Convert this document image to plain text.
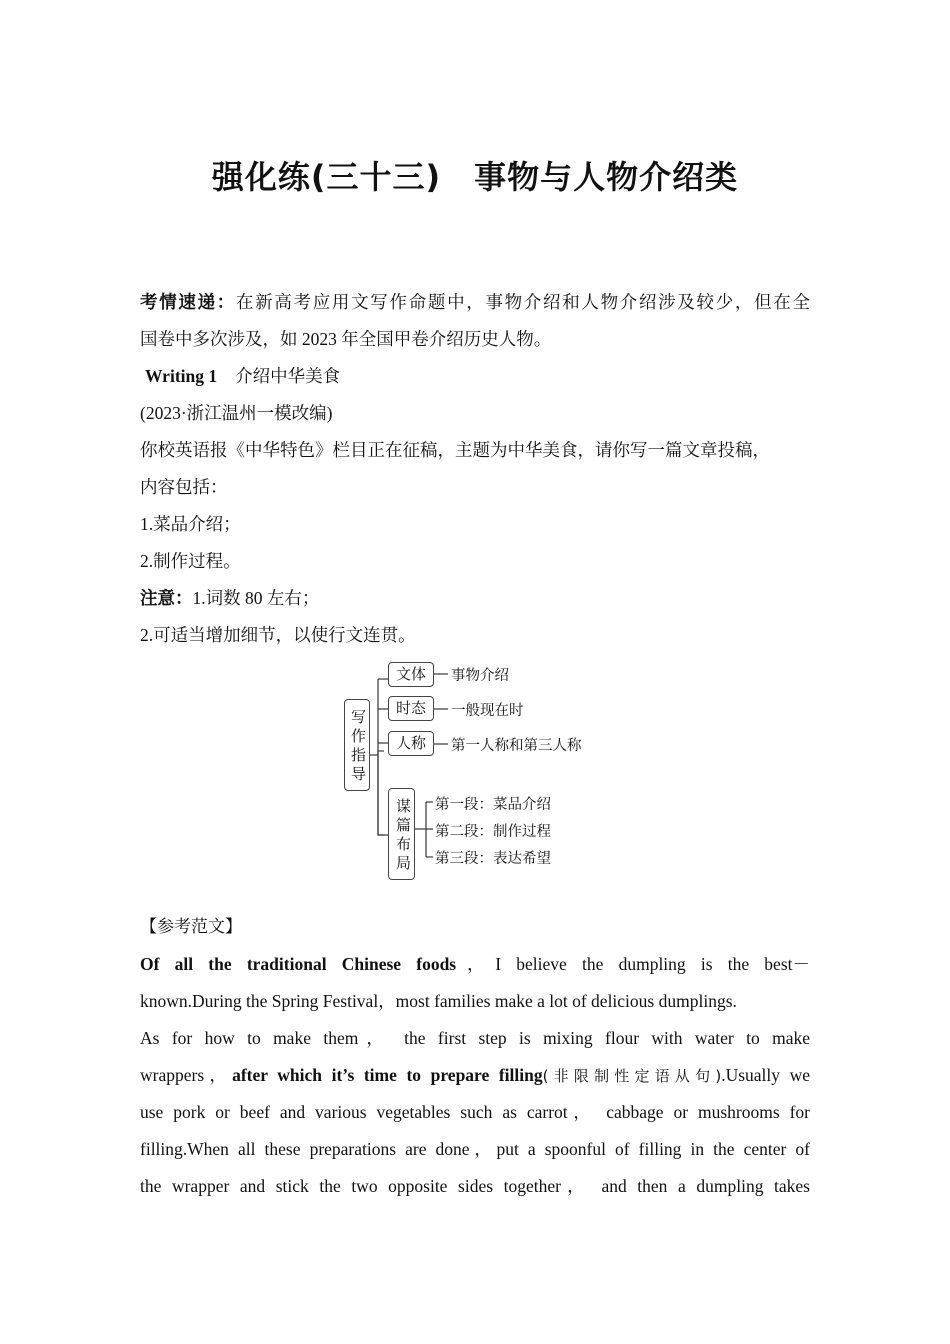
强化练(三十三)　事物与人物介绍类
考情速递：在新高考应用文写作命题中，事物介绍和人物介绍涉及较少，但在全
国卷中多次涉及，如 2023 年全国甲卷介绍历史人物。
Writing 1 介绍中华美食
(2023·浙江温州一模改编)
你校英语报《中华特色》栏目正在征稿，主题为中华美食，请你写一篇文章投稿，
内容包括：
1.菜品介绍；
2.制作过程。
注意：1.词数 80 左右；
2.可适当增加细节，以使行文连贯。
写作指导
文体	事物介绍
时态	一般现在时
人称	第一人称和第三人称
谋篇布局 第一段：菜品介绍
第二段：制作过程
第三段：表达希望
【参考范文】
Of all the traditional Chinese foods，I believe the dumpling is the best－
known.During the Spring Festival，most families make a lot of delicious dumplings.
As for how to make them， the first step is mixing flour with water to make
wrappers，after which it’s time to prepare filling(非限制性定语从句).Usually we
use pork or beef and various vegetables such as carrot， cabbage or mushrooms for
filling.When all these preparations are done，put a spoonful of filling in the center of
the wrapper and stick the two opposite sides together， and then a dumpling takes
